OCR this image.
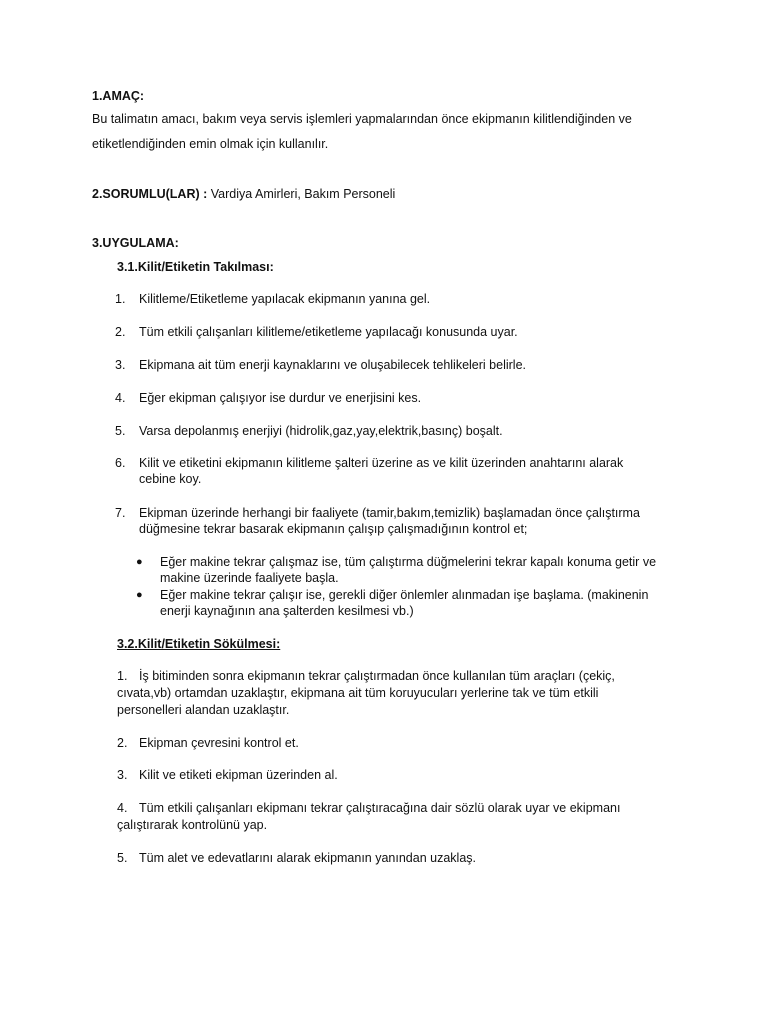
1.AMAÇ:
Bu talimatın amacı, bakım veya servis işlemleri yapmalarından önce ekipmanın kilitlendiğinden ve
etiketlendiğinden emin olmak için kullanılır.
2.SORUMLU(LAR) : Vardiya Amirleri, Bakım Personeli
3.UYGULAMA:
3.1.Kilit/Etiketin Takılması:
1.	Kilitleme/Etiketleme yapılacak ekipmanın yanına gel.
2.	Tüm etkili çalışanları kilitleme/etiketleme yapılacağı konusunda uyar.
3.	Ekipmana ait tüm enerji kaynaklarını ve oluşabilecek tehlikeleri belirle.
4.	Eğer ekipman çalışıyor ise durdur ve enerjisini kes.
5.	Varsa depolanmış enerjiyi (hidrolik,gaz,yay,elektrik,basınç) boşalt.
6.	Kilit ve etiketini ekipmanın kilitleme şalteri üzerine as ve kilit üzerinden anahtarını alarak
cebine koy.
7.	Ekipman üzerinde herhangi bir faaliyete (tamir,bakım,temizlik) başlamadan önce çalıştırma
düğmesine tekrar basarak ekipmanın çalışıp çalışmadığının kontrol et;
● Eğer makine tekrar çalışmaz ise, tüm çalıştırma düğmelerini tekrar kapalı konuma getir ve
makine üzerinde faaliyete başla.
● Eğer makine tekrar çalışır ise, gerekli diğer önlemler alınmadan işe başlama. (makinenin
enerji kaynağının ana şalterden kesilmesi vb.)
3.2.Kilit/Etiketin Sökülmesi:
1. İş bitiminden sonra ekipmanın tekrar çalıştırmadan önce kullanılan tüm araçları (çekiç,
cıvata,vb) ortamdan uzaklaştır, ekipmana ait tüm koruyucuları yerlerine tak ve tüm etkili
personelleri alandan uzaklaştır.
2. Ekipman çevresini kontrol et.
3. Kilit ve etiketi ekipman üzerinden al.
4. Tüm etkili çalışanları ekipmanı tekrar çalıştıracağına dair sözlü olarak uyar ve ekipmanı
çalıştırarak kontrolünü yap.
5. Tüm alet ve edevatlarını alarak ekipmanın yanından uzaklaş.
